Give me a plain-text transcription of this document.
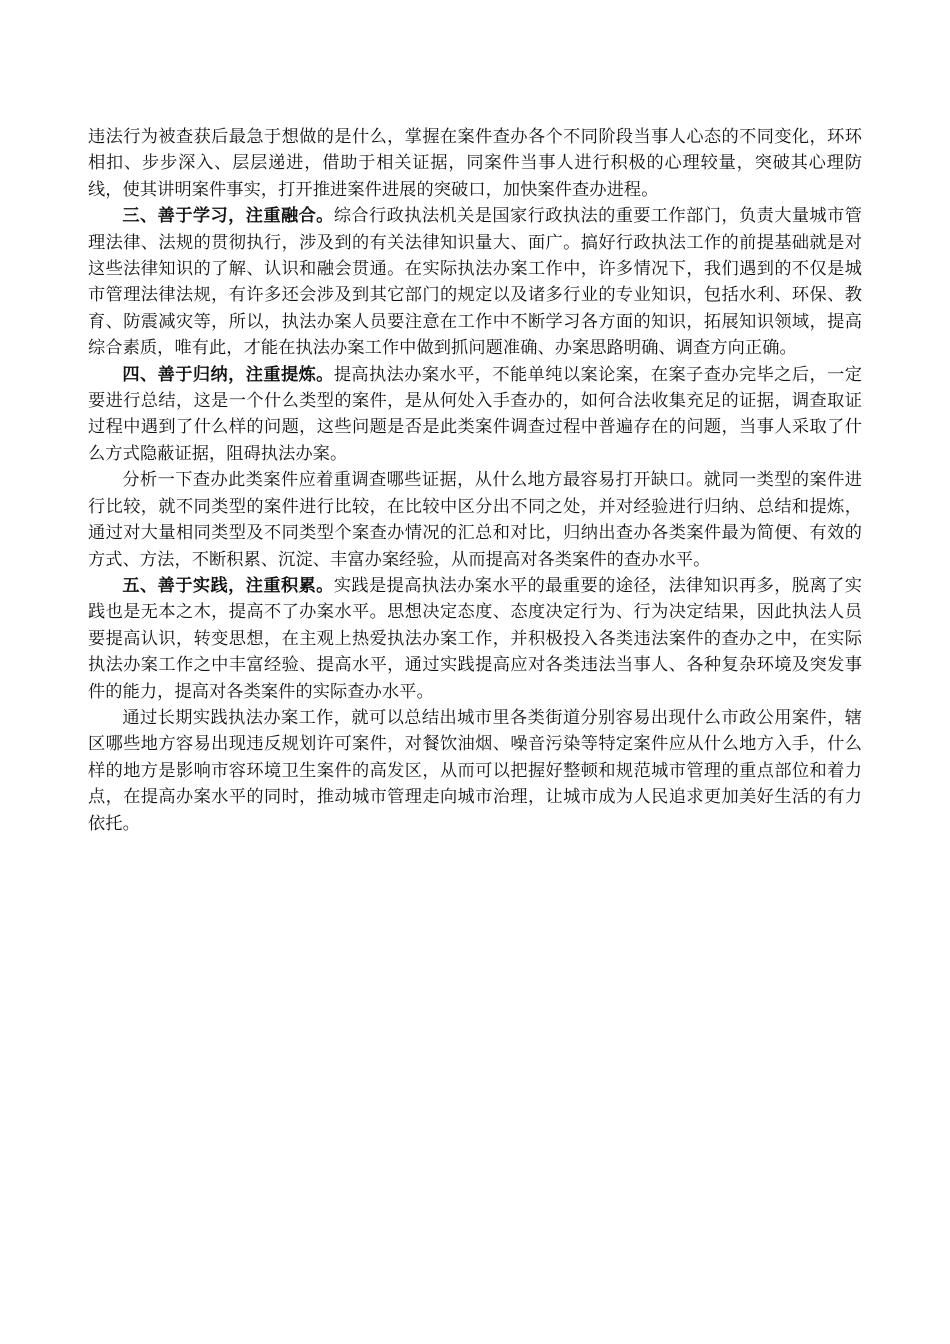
违法行为被查获后最急于想做的是什么，掌握在案件查办各个不同阶段当事人心态的不同变化，环环相扣、步步深入、层层递进，借助于相关证据，同案件当事人进行积极的心理较量，突破其心理防线，使其讲明案件事实，打开推进案件进展的突破口，加快案件查办进程。

三、善于学习，注重融合。综合行政执法机关是国家行政执法的重要工作部门，负责大量城市管理法律、法规的贯彻执行，涉及到的有关法律知识量大、面广。搞好行政执法工作的前提基础就是对这些法律知识的了解、认识和融会贯通。在实际执法办案工作中，许多情况下，我们遇到的不仅是城市管理法律法规，有许多还会涉及到其它部门的规定以及诸多行业的专业知识，包括水利、环保、教育、防震减灾等，所以，执法办案人员要注意在工作中不断学习各方面的知识，拓展知识领域，提高综合素质，唯有此，才能在执法办案工作中做到抓问题准确、办案思路明确、调查方向正确。

四、善于归纳，注重提炼。提高执法办案水平，不能单纯以案论案，在案子查办完毕之后，一定要进行总结，这是一个什么类型的案件，是从何处入手查办的，如何合法收集充足的证据，调查取证过程中遇到了什么样的问题，这些问题是否是此类案件调查过程中普遍存在的问题，当事人采取了什么方式隐蔽证据，阻碍执法办案。

分析一下查办此类案件应着重调查哪些证据，从什么地方最容易打开缺口。就同一类型的案件进行比较，就不同类型的案件进行比较，在比较中区分出不同之处，并对经验进行归纳、总结和提炼，通过对大量相同类型及不同类型个案查办情况的汇总和对比，归纳出查办各类案件最为简便、有效的方式、方法，不断积累、沉淀、丰富办案经验，从而提高对各类案件的查办水平。

五、善于实践，注重积累。实践是提高执法办案水平的最重要的途径，法律知识再多，脱离了实践也是无本之木，提高不了办案水平。思想决定态度、态度决定行为、行为决定结果，因此执法人员要提高认识，转变思想，在主观上热爱执法办案工作，并积极投入各类违法案件的查办之中，在实际执法办案工作之中丰富经验、提高水平，通过实践提高应对各类违法当事人、各种复杂环境及突发事件的能力，提高对各类案件的实际查办水平。

通过长期实践执法办案工作，就可以总结出城市里各类街道分别容易出现什么市政公用案件，辖区哪些地方容易出现违反规划许可案件，对餐饮油烟、噪音污染等特定案件应从什么地方入手，什么样的地方是影响市容环境卫生案件的高发区，从而可以把握好整顿和规范城市管理的重点部位和着力点，在提高办案水平的同时，推动城市管理走向城市治理，让城市成为人民追求更加美好生活的有力依托。
